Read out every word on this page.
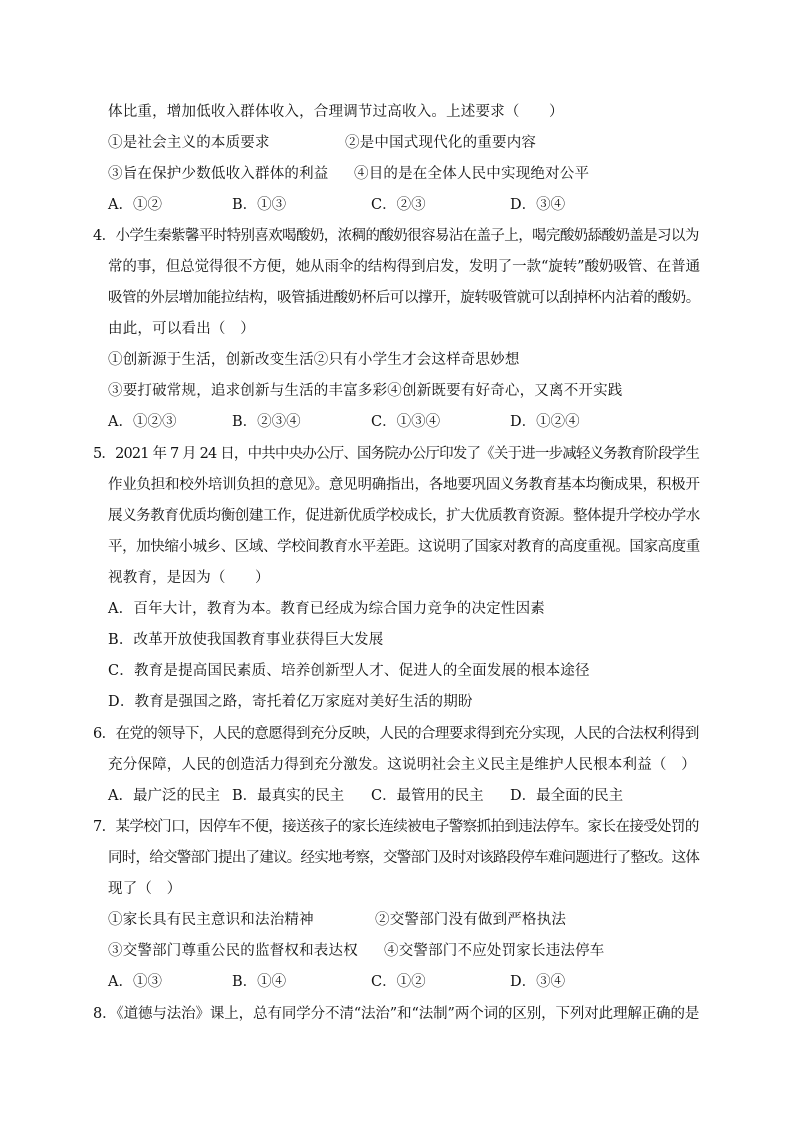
体比重，增加低收入群体收入，合理调节过高收入。上述要求（　　）
①是社会主义的本质要求	②是中国式现代化的重要内容
③旨在保护少数低收入群体的利益 ④目的是在全体人民中实现绝对公平
A．①②	B．①③	C．②③	D．③④
4．小学生秦紫馨平时特别喜欢喝酸奶，浓稠的酸奶很容易沾在盖子上，喝完酸奶舔酸奶盖是习以为
常的事，但总觉得很不方便，她从雨伞的结构得到启发，发明了一款“旋转”酸奶吸管、在普通
吸管的外层增加能拉结构，吸管插进酸奶杯后可以撑开，旋转吸管就可以刮掉杯内沾着的酸奶。
由此，可以看出（　）
①创新源于生活，创新改变生活②只有小学生才会这样奇思妙想
③要打破常规，追求创新与生活的丰富多彩④创新既要有好奇心，又离不开实践
A．①②③	B．②③④	C．①③④	D．①②④
5．2021 年 7 月 24 日，中共中央办公厅、国务院办公厅印发了《关于进一步减轻义务教育阶段学生
作业负担和校外培训负担的意见》。意见明确指出，各地要巩固义务教育基本均衡成果，积极开
展义务教育优质均衡创建工作，促进新优质学校成长，扩大优质教育资源。整体提升学校办学水
平，加快缩小城乡、区域、学校间教育水平差距。这说明了国家对教育的高度重视。国家高度重
视教育，是因为（　　）
A．百年大计，教育为本。教育已经成为综合国力竞争的决定性因素
B．改革开放使我国教育事业获得巨大发展
C．教育是提高国民素质、培养创新型人才、促进人的全面发展的根本途径
D．教育是强国之路，寄托着亿万家庭对美好生活的期盼
6．在党的领导下，人民的意愿得到充分反映，人民的合理要求得到充分实现，人民的合法权利得到
充分保障，人民的创造活力得到充分激发。这说明社会主义民主是维护人民根本利益（　）
A．最广泛的民主 B．最真实的民主 C．最管用的民主 D．最全面的民主
7．某学校门口，因停车不便，接送孩子的家长连续被电子警察抓拍到违法停车。家长在接受处罚的
同时，给交警部门提出了建议。经实地考察，交警部门及时对该路段停车难问题进行了整改。这体
现了（　）
①家长具有民主意识和法治精神	②交警部门没有做到严格执法
③交警部门尊重公民的监督权和表达权 ④交警部门不应处罚家长违法停车
A．①③	B．①④	C．①②	D．③④
8．《道德与法治》课上，总有同学分不清“法治”和“法制”两个词的区别，下列对此理解正确的是
